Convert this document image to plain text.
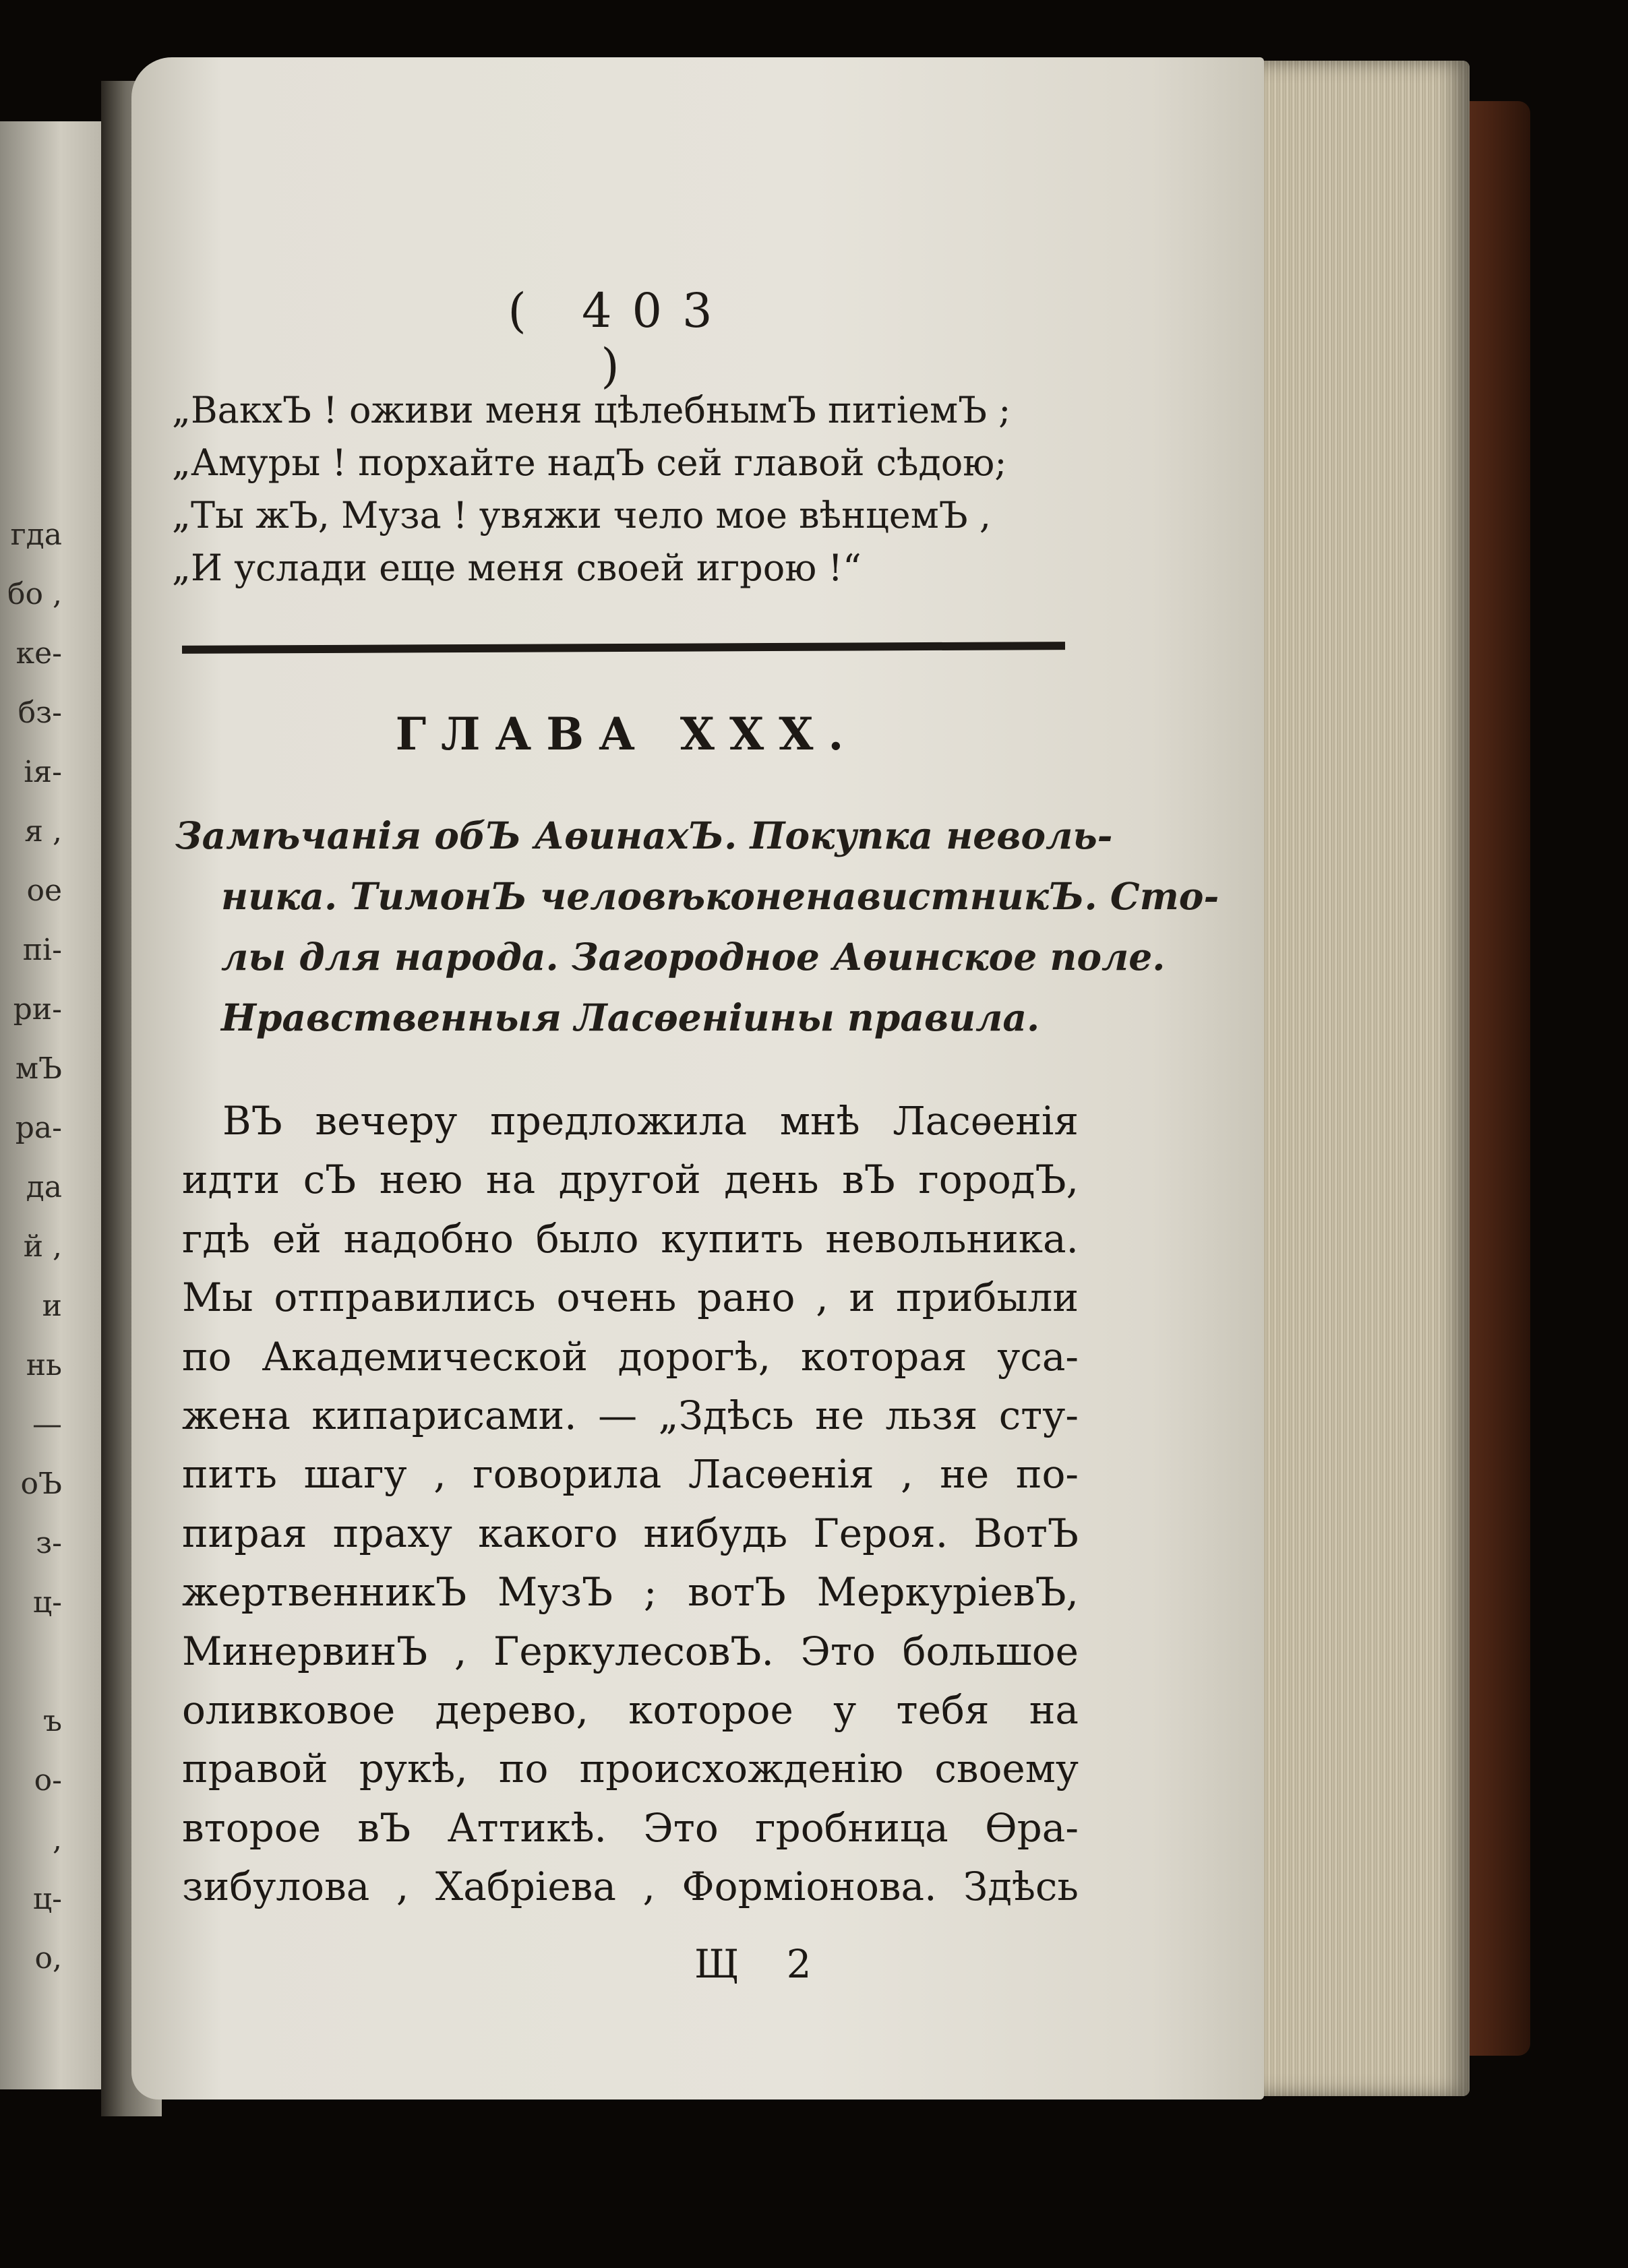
гда
бо ,
кe-
бз-
ія-
я ,
ое
пi-
ри-
мЪ
ра-
да
й ,
и
нь
—
оЪ
з-
ц-
ъ
о-
,
ц-
о,
( 403 )
„ВакхЪ ! оживи меня цѣлебнымЪ питіемЪ ;
„Амуры ! порхайте надЪ сей главой сѣдою;
„Ты жЪ, Муза ! увяжи чело мое вѣнцемЪ ,
„И услади еще меня своей игрою !“
ГЛАВА XXX.
Замѣчанія обЪ АѳинахЪ. Покупка неволь-
ника. ТимонЪ человѣконенавистникЪ. Сто-
лы для народа. Загородное Аѳинское поле.
Нравственныя Ласѳеніины правила.
ВЪ вечеру предложила мнѣ Ласѳенія
идти сЪ нею на другой день вЪ городЪ,
гдѣ ей надобно было купить невольника.
Мы отправились очень рано , и прибыли
по Академической дорогѣ, которая уса-
жена кипарисами. — „Здѣсь не льзя сту-
пить шагу , говорила Ласѳенія , не по-
пирая праху какого нибудь Героя. ВотЪ
жертвенникЪ МузЪ ; вотЪ МеркуріевЪ,
МинервинЪ , ГеркулесовЪ. Это большое
оливковое дерево, которое у тебя на
правой рукѣ, по происхожденію своему
второе вЪ Аттикѣ. Это гробница Ѳра-
зибулова , Хабріева , Форміонова. Здѣсь
Щ 2
